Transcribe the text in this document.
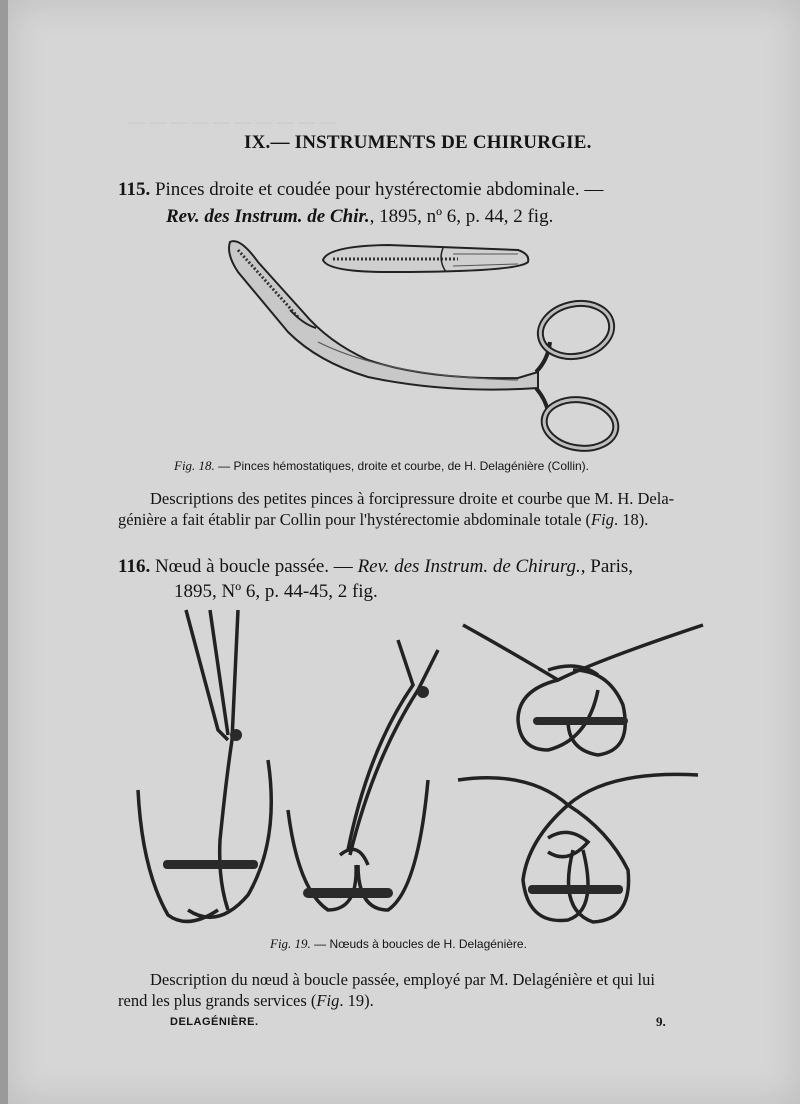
— — — — — — — — — —
IX.— INSTRUMENTS DE CHIRURGIE.
115. Pinces droite et coudée pour hystérectomie abdominale. —
Rev. des Instrum. de Chir., 1895, nº 6, p. 44, 2 fig.
Fig. 18. — Pinces hémostatiques, droite et courbe, de H. Delagénière (Collin).
Descriptions des petites pinces à forcipressure droite et courbe que M. H. Dela-
génière a fait établir par Collin pour l'hystérectomie abdominale totale (Fig. 18).
116. Nœud à boucle passée. — Rev. des Instrum. de Chirurg., Paris,
1895, Nº 6, p. 44-45, 2 fig.
Fig. 19. — Nœuds à boucles de H. Delagénière.
Description du nœud à boucle passée, employé par M. Delagénière et qui lui
rend les plus grands services (Fig. 19).
DELAGÉNIÈRE.	9.
